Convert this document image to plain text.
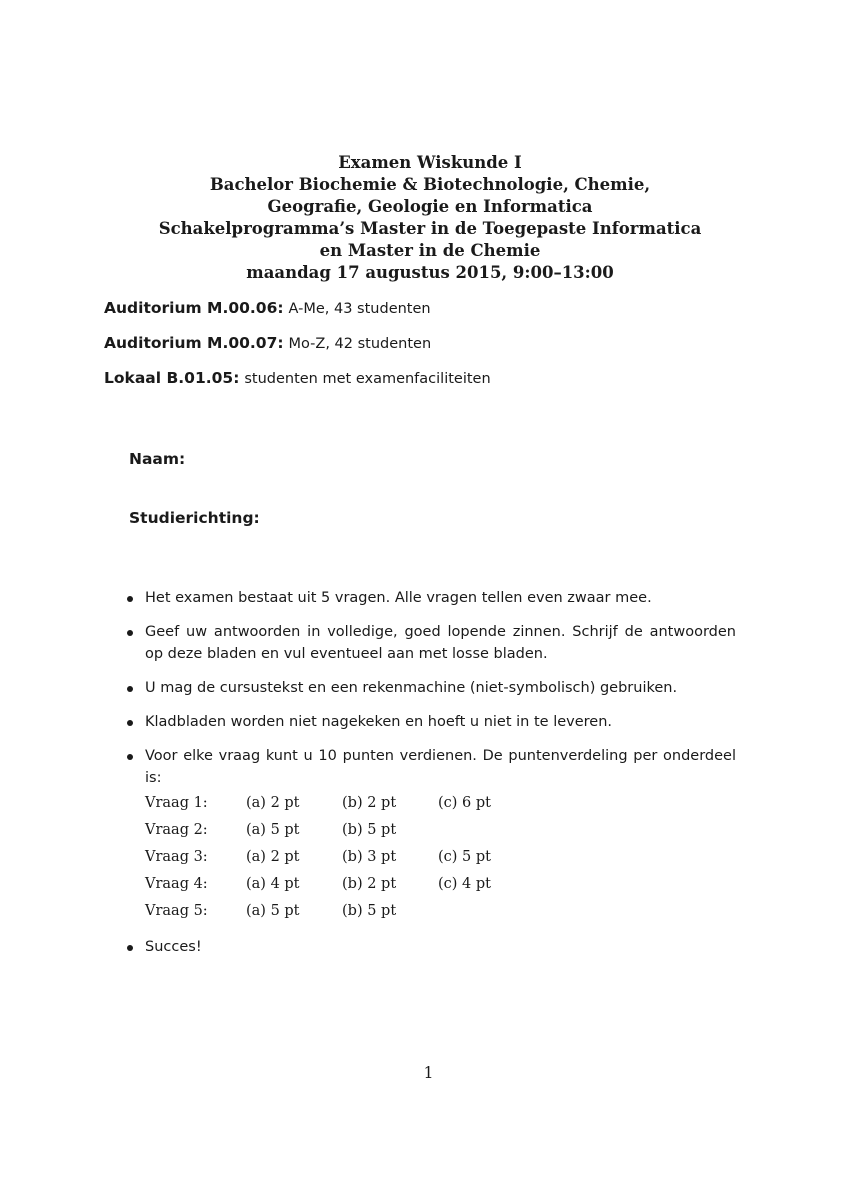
Examen Wiskunde I
Bachelor Biochemie & Biotechnologie, Chemie,
Geografie, Geologie en Informatica
Schakelprogramma’s Master in de Toegepaste Informatica
en Master in de Chemie
maandag 17 augustus 2015, 9:00–13:00
Auditorium M.00.06: A-Me, 43 studenten
Auditorium M.00.07: Mo-Z, 42 studenten
Lokaal B.01.05: studenten met examenfaciliteiten
Naam:
Studierichting:
Het examen bestaat uit 5 vragen. Alle vragen tellen even zwaar mee.
Geef uw antwoorden in volledige, goed lopende zinnen. Schrijf de antwoorden op deze bladen en vul eventueel aan met losse bladen.
U mag de cursustekst en een rekenmachine (niet-symbolisch) gebruiken.
Kladbladen worden niet nagekeken en hoeft u niet in te leveren.
Voor elke vraag kunt u 10 punten verdienen. De puntenverdeling per onderdeel is:
Vraag 1:	(a) 2 pt	(b) 2 pt	(c) 6 pt
Vraag 2:	(a) 5 pt	(b) 5 pt	
Vraag 3:	(a) 2 pt	(b) 3 pt	(c) 5 pt
Vraag 4:	(a) 4 pt	(b) 2 pt	(c) 4 pt
Vraag 5:	(a) 5 pt	(b) 5 pt	
Succes!
1
